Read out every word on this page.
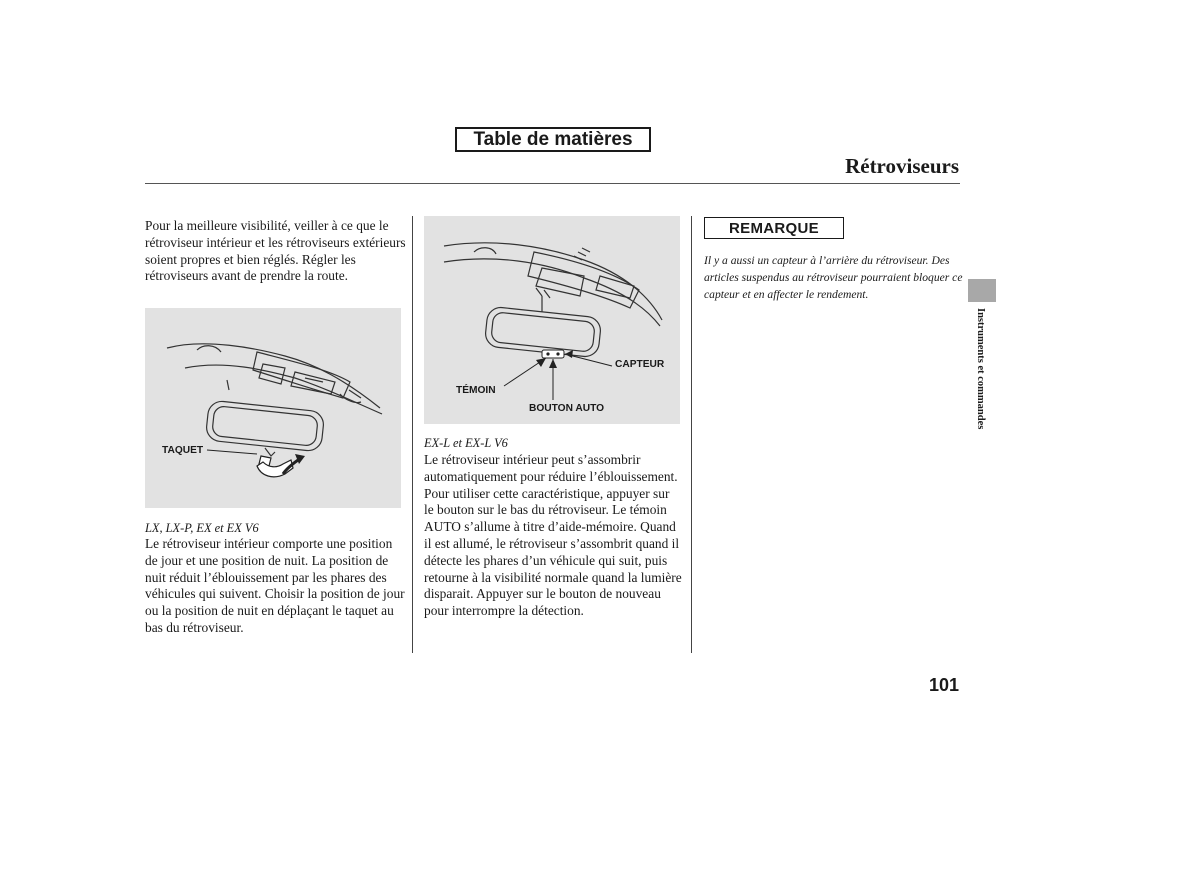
Table de matières
Rétroviseurs

Pour la meilleure visibilité, veiller à ce que le rétroviseur intérieur et les rétroviseurs extérieurs soient propres et bien réglés. Régler les rétroviseurs avant de prendre la route.

TAQUET

LX, LX-P, EX et EX V6

Le rétroviseur intérieur comporte une position de jour et une position de nuit. La position de nuit réduit l’éblouissement par les phares des véhicules qui suivent. Choisir la position de jour ou la position de nuit en déplaçant le taquet au bas du rétroviseur.

CAPTEUR
TÉMOIN
BOUTON AUTO

EX-L et EX-L V6

Le rétroviseur intérieur peut s’assombrir automatiquement pour réduire l’éblouissement. Pour utiliser cette caractéristique, appuyer sur le bouton sur le bas du rétroviseur. Le témoin AUTO s’allume à titre d’aide-mémoire. Quand il est allumé, le rétroviseur s’assombrit quand il détecte les phares d’un véhicule qui suit, puis retourne à la visibilité normale quand la lumière disparait. Appuyer sur le bouton de nouveau pour interrompre la détection.

REMARQUE

Il y a aussi un capteur à l’arrière du rétroviseur. Des articles suspendus au rétroviseur pourraient bloquer ce capteur et en affecter le rendement.

Instruments et commandes
101
